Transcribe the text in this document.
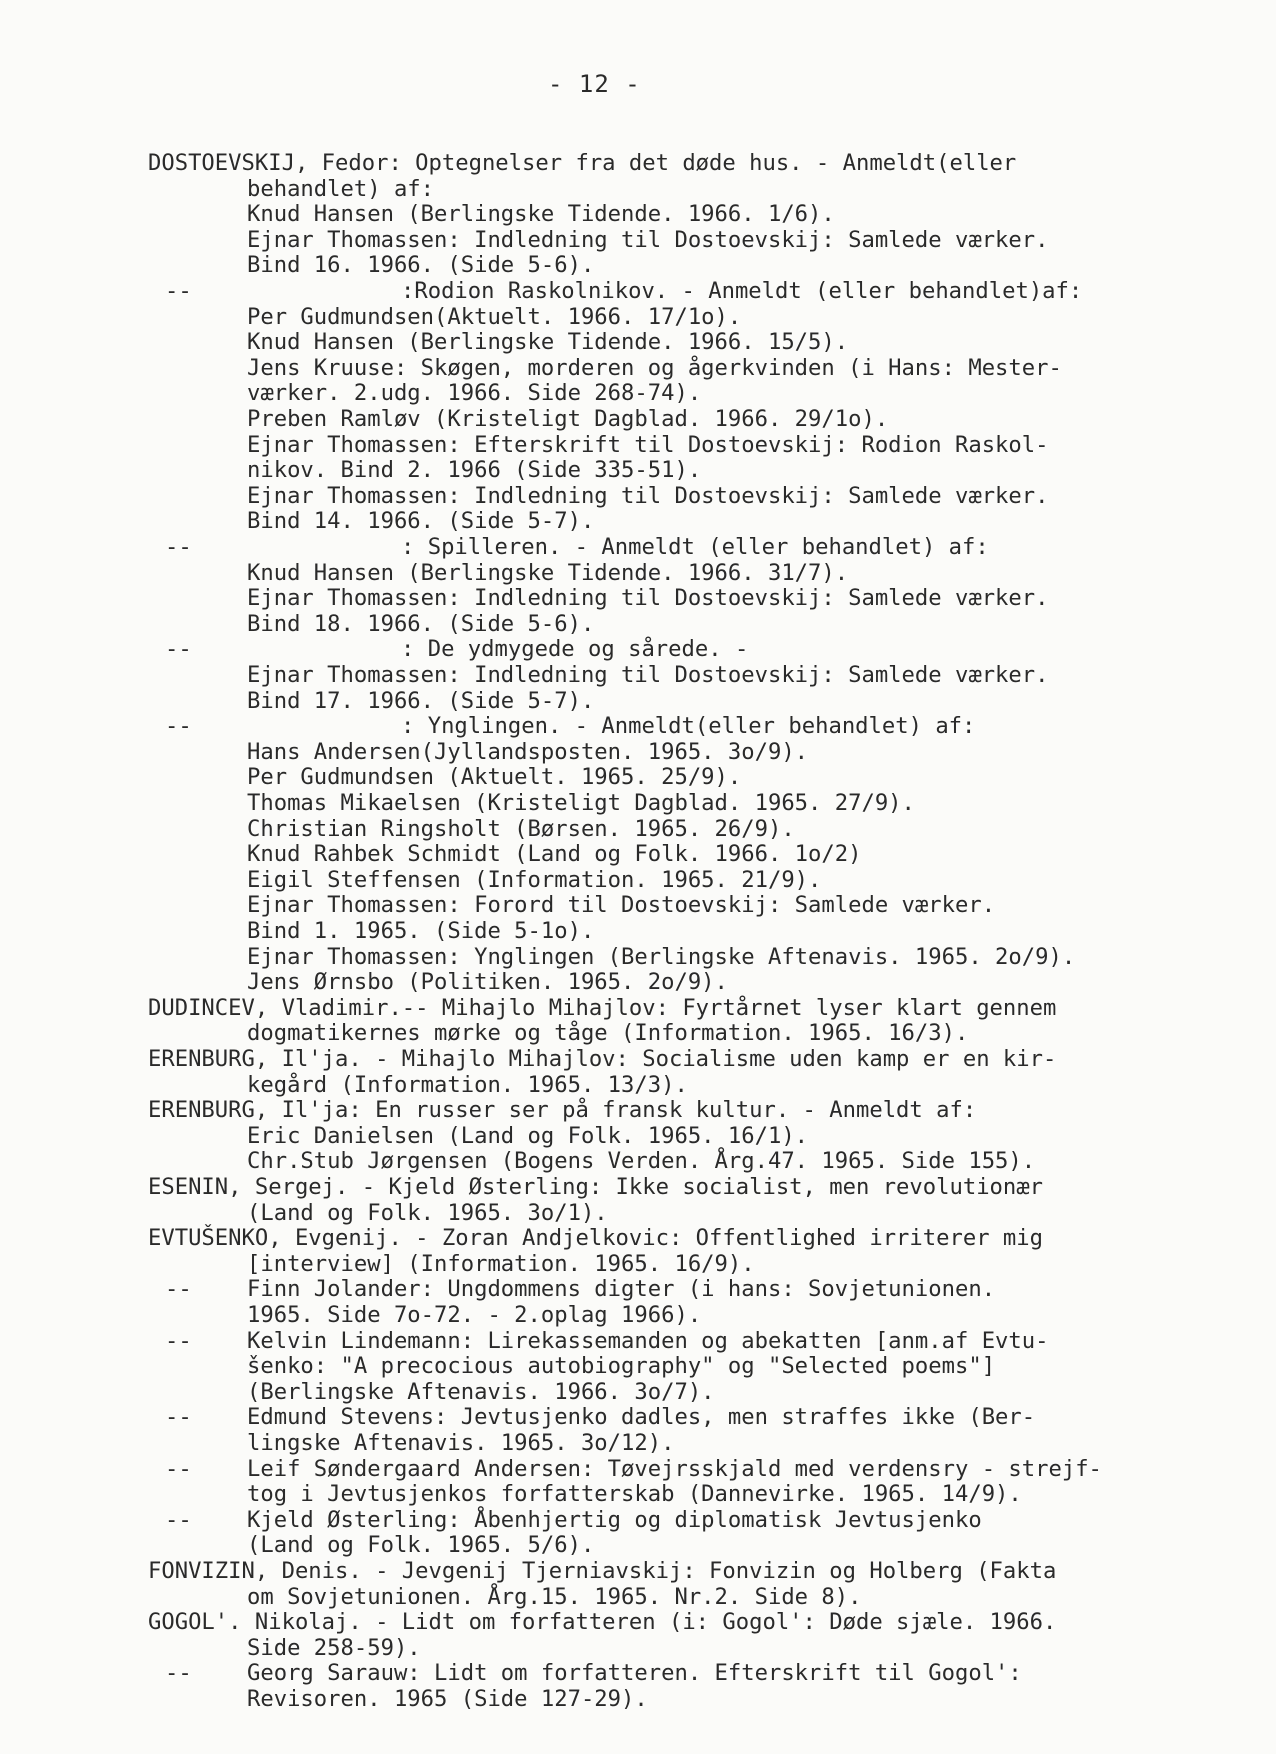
- 12 -
DOSTOEVSKIJ, Fedor: Optegnelser fra det døde hus. - Anmeldt(eller
behandlet) af:
Knud Hansen (Berlingske Tidende. 1966. 1/6).
Ejnar Thomassen: Indledning til Dostoevskij: Samlede værker.
Bind 16. 1966. (Side 5-6).
--	:Rodion Raskolnikov. - Anmeldt (eller behandlet)af:
Per Gudmundsen(Aktuelt. 1966. 17/1o).
Knud Hansen (Berlingske Tidende. 1966. 15/5).
Jens Kruuse: Skøgen, morderen og ågerkvinden (i Hans: Mester-
værker. 2.udg. 1966. Side 268-74).
Preben Ramløv (Kristeligt Dagblad. 1966. 29/1o).
Ejnar Thomassen: Efterskrift til Dostoevskij: Rodion Raskol-
nikov. Bind 2. 1966 (Side 335-51).
Ejnar Thomassen: Indledning til Dostoevskij: Samlede værker.
Bind 14. 1966. (Side 5-7).
--	: Spilleren. - Anmeldt (eller behandlet) af:
Knud Hansen (Berlingske Tidende. 1966. 31/7).
Ejnar Thomassen: Indledning til Dostoevskij: Samlede værker.
Bind 18. 1966. (Side 5-6).
--	: De ydmygede og sårede. -
Ejnar Thomassen: Indledning til Dostoevskij: Samlede værker.
Bind 17. 1966. (Side 5-7).
--	: Ynglingen. - Anmeldt(eller behandlet) af:
Hans Andersen(Jyllandsposten. 1965. 3o/9).
Per Gudmundsen (Aktuelt. 1965. 25/9).
Thomas Mikaelsen (Kristeligt Dagblad. 1965. 27/9).
Christian Ringsholt (Børsen. 1965. 26/9).
Knud Rahbek Schmidt (Land og Folk. 1966. 1o/2)
Eigil Steffensen (Information. 1965. 21/9).
Ejnar Thomassen: Forord til Dostoevskij: Samlede værker.
Bind 1. 1965. (Side 5-1o).
Ejnar Thomassen: Ynglingen (Berlingske Aftenavis. 1965. 2o/9).
Jens Ørnsbo (Politiken. 1965. 2o/9).
DUDINCEV, Vladimir.-- Mihajlo Mihajlov: Fyrtårnet lyser klart gennem
dogmatikernes mørke og tåge (Information. 1965. 16/3).
ERENBURG, Il'ja. - Mihajlo Mihajlov: Socialisme uden kamp er en kir-
kegård (Information. 1965. 13/3).
ERENBURG, Il'ja: En russer ser på fransk kultur. - Anmeldt af:
Eric Danielsen (Land og Folk. 1965. 16/1).
Chr.Stub Jørgensen (Bogens Verden. Årg.47. 1965. Side 155).
ESENIN, Sergej. - Kjeld Østerling: Ikke socialist, men revolutionær
(Land og Folk. 1965. 3o/1).
EVTUŠENKO, Evgenij. - Zoran Andjelkovic: Offentlighed irriterer mig
[interview] (Information. 1965. 16/9).
-- Finn Jolander: Ungdommens digter (i hans: Sovjetunionen.
1965. Side 7o-72. - 2.oplag 1966).
-- Kelvin Lindemann: Lirekassemanden og abekatten [anm.af Evtu-
šenko: "A precocious autobiography" og "Selected poems"]
(Berlingske Aftenavis. 1966. 3o/7).
-- Edmund Stevens: Jevtusjenko dadles, men straffes ikke (Ber-
lingske Aftenavis. 1965. 3o/12).
-- Leif Søndergaard Andersen: Tøvejrsskjald med verdensry - strejf-
tog i Jevtusjenkos forfatterskab (Dannevirke. 1965. 14/9).
-- Kjeld Østerling: Åbenhjertig og diplomatisk Jevtusjenko
(Land og Folk. 1965. 5/6).
FONVIZIN, Denis. - Jevgenij Tjerniavskij: Fonvizin og Holberg (Fakta
om Sovjetunionen. Årg.15. 1965. Nr.2. Side 8).
GOGOL'. Nikolaj. - Lidt om forfatteren (i: Gogol': Døde sjæle. 1966.
Side 258-59).
-- Georg Sarauw: Lidt om forfatteren. Efterskrift til Gogol':
Revisoren. 1965 (Side 127-29).
